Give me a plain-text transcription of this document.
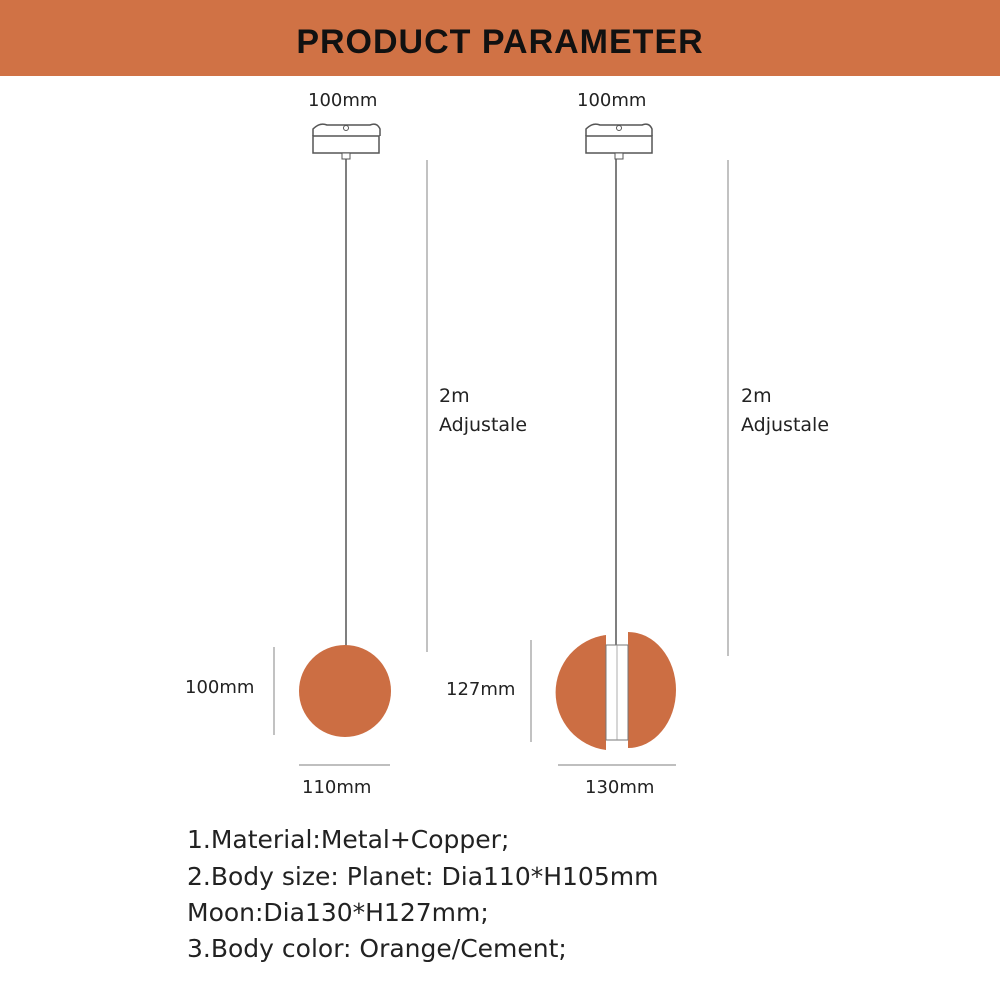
PRODUCT PARAMETER
100mm
2m
Adjustale
100mm
110mm
100mm
2m
Adjustale
127mm
130mm
1.Material:Metal+Copper;
2.Body size: Planet: Dia110*H105mm
Moon:Dia130*H127mm;
3.Body color: Orange/Cement;
